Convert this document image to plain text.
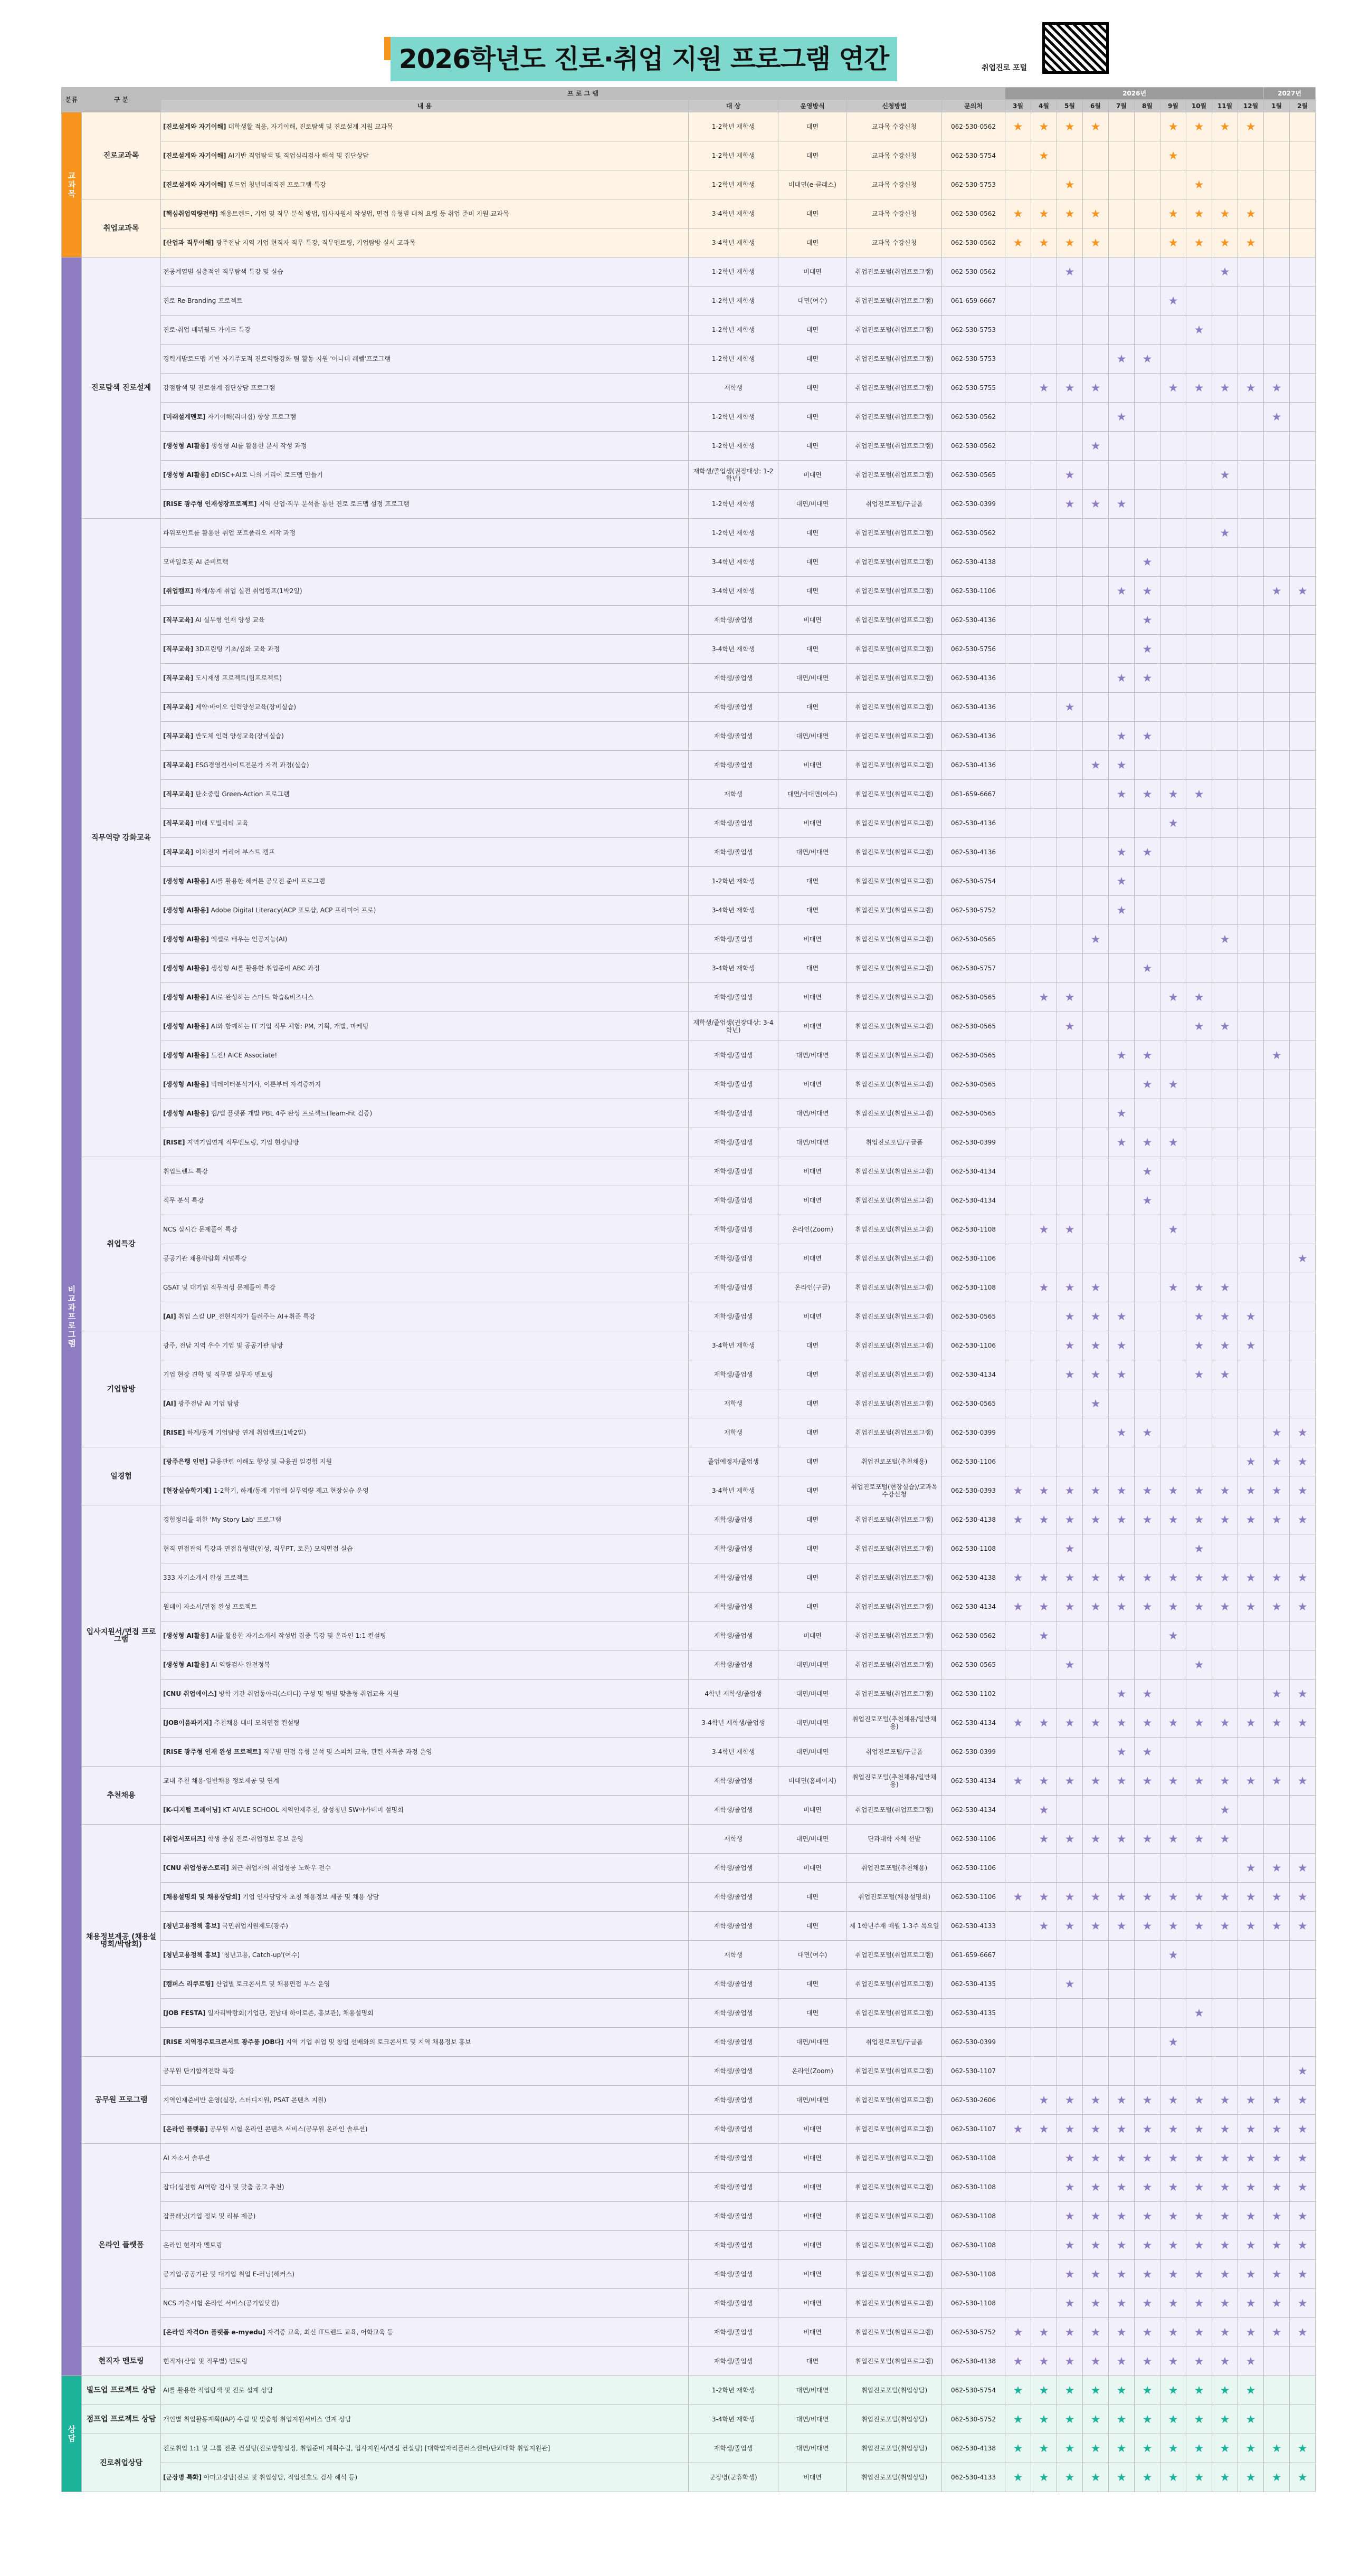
2026학년도 진로·취업 지원 프로그램 연간	취업진로 포털
분류	구 분	프 로 그 램					2026년										2027년	
		내 용	대 상	운영방식	신청방법	문의처												
							3월	4월	5월	6월	7월	8월	9월	10월	11월	12월	1월	2월
교과목	진로교과목	[진로설계와 자기이해] 대학생활 적응, 자기이해, 진로탐색 및 진로설계 지원 교과목	1-2학년 재학생	대면	교과목 수강신청	062-530-0562	★	★	★	★			★	★	★	★		
		[진로설계와 자기이해] AI기반 직업탐색 및 직업심리검사 해석 및 집단상담	1-2학년 재학생	대면	교과목 수강신청	062-530-5754		★					★					
		[진로설계와 자기이해] 빌드업 청년미래직진 프로그램 특강	1-2학년 재학생	비대면(e-클래스)	교과목 수강신청	062-530-5753			★					★				
	취업교과목	[핵심취업역량전략] 채용트렌드, 기업 및 직무 분석 방법, 입사지원서 작성법, 면접 유형별 대처 요령 등 취업 준비 지원 교과목	3-4학년 재학생	대면	교과목 수강신청	062-530-0562	★	★	★	★			★	★	★	★		
		[산업과 직무이해] 광주전남 지역 기업 현직자 직무 특강, 직무멘토링, 기업탐방 실시 교과목	3-4학년 재학생	대면	교과목 수강신청	062-530-0562	★	★	★	★			★	★	★	★		
비교과프로그램	진로탐색 진로설계	전공계열별 심층적인 직무탐색 특강 및 실습	1-2학년 재학생	비대면	취업진로포털(취업프로그램)	062-530-0562			★						★			
		진로 Re-Branding 프로젝트	1-2학년 재학생	대면(여수)	취업진로포털(취업프로그램)	061-659-6667							★					
		진로·취업 데뷔필드 가이드 특강	1-2학년 재학생	대면	취업진로포털(취업프로그램)	062-530-5753								★				
		경력개발로드맵 기반 자기주도적 진로역량강화 팀 활동 지원 '어나더 레벨'프로그램	1-2학년 재학생	대면	취업진로포털(취업프로그램)	062-530-5753					★	★						
		강점탐색 및 진로설계 집단상담 프로그램	재학생	대면	취업진로포털(취업프로그램)	062-530-5755		★	★	★			★	★	★	★	★	
		[미래설계멘토] 자기이해(리더십) 향상 프로그램	1-2학년 재학생	대면	취업진로포털(취업프로그램)	062-530-0562					★						★	
		[생성형 AI활용] 생성형 AI를 활용한 문서 작성 과정	1-2학년 재학생	대면	취업진로포털(취업프로그램)	062-530-0562				★								
		[생성형 AI활용] eDISC+AI로 나의 커리어 로드맵 만들기	재학생/졸업생(권장대상: 1-2학년)	비대면	취업진로포털(취업프로그램)	062-530-0565			★						★			
		[RISE 광주형 인재성장프로젝트] 지역 산업·직무 분석을 통한 진로 로드맵 설정 프로그램	1-2학년 재학생	대면/비대면	취업진로포털/구글폼	062-530-0399			★	★	★							
	직무역량 강화교육	파워포인트를 활용한 취업 포트폴리오 제작 과정	1-2학년 재학생	대면	취업진로포털(취업프로그램)	062-530-0562									★			
		모바일로봇 AI 준비트랙	3-4학년 재학생	대면	취업진로포털(취업프로그램)	062-530-4138						★						
		[취업캠프] 하계/동계 취업 실전 취업캠프(1박2일)	3-4학년 재학생	대면	취업진로포털(취업프로그램)	062-530-1106					★	★					★	★
		[직무교육] AI 실무형 인재 양성 교육	재학생/졸업생	비대면	취업진로포털(취업프로그램)	062-530-4136						★						
		[직무교육] 3D프린팅 기초/심화 교육 과정	3-4학년 재학생	대면	취업진로포털(취업프로그램)	062-530-5756						★						
		[직무교육] 도시재생 프로젝트(팀프로젝트)	재학생/졸업생	대면/비대면	취업진로포털(취업프로그램)	062-530-4136					★	★						
		[직무교육] 제약·바이오 인력양성교육(장비실습)	재학생/졸업생	대면	취업진로포털(취업프로그램)	062-530-4136			★									
		[직무교육] 반도체 인력 양성교육(장비실습)	재학생/졸업생	대면/비대면	취업진로포털(취업프로그램)	062-530-4136					★	★						
		[직무교육] ESG경영전사이트전문가 자격 과정(실습)	재학생/졸업생	비대면	취업진로포털(취업프로그램)	062-530-4136				★	★							
		[직무교육] 탄소중립 Green-Action 프로그램	재학생	대면/비대면(여수)	취업진로포털(취업프로그램)	061-659-6667					★	★	★	★				
		[직무교육] 미래 모빌리티 교육	재학생/졸업생	비대면	취업진로포털(취업프로그램)	062-530-4136							★					
		[직무교육] 이차전지 커리어 부스트 캠프	재학생/졸업생	대면/비대면	취업진로포털(취업프로그램)	062-530-4136					★	★						
		[생성형 AI활용] AI를 활용한 해커톤 공모전 준비 프로그램	1-2학년 재학생	대면	취업진로포털(취업프로그램)	062-530-5754					★							
		[생성형 AI활용] Adobe Digital Literacy(ACP 포토샵, ACP 프리미어 프로)	3-4학년 재학생	대면	취업진로포털(취업프로그램)	062-530-5752					★							
		[생성형 AI활용] 엑셀로 배우는 인공지능(AI)	재학생/졸업생	비대면	취업진로포털(취업프로그램)	062-530-0565				★					★			
		[생성형 AI활용] 생성형 AI를 활용한 취업준비 ABC 과정	3-4학년 재학생	대면	취업진로포털(취업프로그램)	062-530-5757						★						
		[생성형 AI활용] AI로 완성하는 스마트 학습&비즈니스	재학생/졸업생	비대면	취업진로포털(취업프로그램)	062-530-0565		★	★				★	★				
		[생성형 AI활용] AI와 함께하는 IT 기업 직무 체험: PM, 기획, 개발, 마케팅	재학생/졸업생(권장대상: 3-4학년)	비대면	취업진로포털(취업프로그램)	062-530-0565			★					★	★			
		[생성형 AI활용] 도전! AICE Associate!	재학생/졸업생	대면/비대면	취업진로포털(취업프로그램)	062-530-0565					★	★					★	
		[생성형 AI활용] 빅데이터분석기사, 이론부터 자격증까지	재학생/졸업생	비대면	취업진로포털(취업프로그램)	062-530-0565						★	★					
		[생성형 AI활용] 웹/앱 플랫폼 개발 PBL 4주 완성 프로젝트(Team-Fit 검증)	재학생/졸업생	대면/비대면	취업진로포털(취업프로그램)	062-530-0565					★							
		[RISE] 지역기업연계 직무멘토링, 기업 현장탐방	재학생/졸업생	대면/비대면	취업진로포털/구글폼	062-530-0399					★	★	★					
	취업특강	취업트렌드 특강	재학생/졸업생	비대면	취업진로포털(취업프로그램)	062-530-4134						★						
		직무 분석 특강	재학생/졸업생	비대면	취업진로포털(취업프로그램)	062-530-4134						★						
		NCS 실시간 문제풀이 특강	재학생/졸업생	온라인(Zoom)	취업진로포털(취업프로그램)	062-530-1108		★	★				★					
		공공기관 채용박람회 채널특강	재학생/졸업생	비대면	취업진로포털(취업프로그램)	062-530-1106												★
		GSAT 및 대기업 직무적성 문제풀이 특강	재학생/졸업생	온라인(구글)	취업진로포털(취업프로그램)	062-530-1108		★	★	★			★	★	★			
		[AI] 취업 스킬 UP_전현직자가 들려주는 AI+취준 특강	재학생/졸업생	비대면	취업진로포털(취업프로그램)	062-530-0565			★	★	★			★	★	★		
	기업탐방	광주, 전남 지역 우수 기업 및 공공기관 탐방	3-4학년 재학생	대면	취업진로포털(취업프로그램)	062-530-1106			★	★	★			★	★	★		
		기업 현장 견학 및 직무별 실무자 멘토링	재학생/졸업생	대면	취업진로포털(취업프로그램)	062-530-4134			★	★	★			★	★			
		[AI] 광주전남 AI 기업 탐방	재학생	대면	취업진로포털(취업프로그램)	062-530-0565				★								
		[RISE] 하계/동계 기업탐방 연계 취업캠프(1박2일)	재학생	대면	취업진로포털(취업프로그램)	062-530-0399					★	★					★	★
	일경험	[광주은행 인턴] 금융관련 이해도 향상 및 금융권 일경험 지원	졸업예정자/졸업생	대면	취업진로포털(추천채용)	062-530-1106										★	★	★
		[현장실습학기제] 1-2학기, 하계/동계 기업에 실무역량 제고 현장실습 운영	3-4학년 재학생	대면	취업진로포털(현장실습)/교과목 수강신청	062-530-0393	★	★	★	★	★	★	★	★	★	★	★	★
	입사지원서/면접 프로그램	경험정리를 위한 'My Story Lab' 프로그램	재학생/졸업생	대면	취업진로포털(취업프로그램)	062-530-4138	★	★	★	★	★	★	★	★	★	★	★	★
		현직 면접관의 특강과 면접유형별(인성, 직무PT, 토론) 모의면접 실습	재학생/졸업생	대면	취업진로포털(취업프로그램)	062-530-1108			★					★				
		333 자기소개서 완성 프로젝트	재학생/졸업생	대면	취업진로포털(취업프로그램)	062-530-4138	★	★	★	★	★	★	★	★	★	★	★	★
		원데이 자소서/면접 완성 프로젝트	재학생/졸업생	대면	취업진로포털(취업프로그램)	062-530-4134	★	★	★	★	★	★	★	★	★	★	★	★
		[생성형 AI활용] AI를 활용한 자기소개서 작성법 집중 특강 및 온라인 1:1 컨설팅	재학생/졸업생	비대면	취업진로포털(취업프로그램)	062-530-0562		★					★					
		[생성형 AI활용] AI 역량검사 완전정복	재학생/졸업생	대면/비대면	취업진로포털(취업프로그램)	062-530-0565			★					★				
		[CNU 취업에이스] 방학 기간 취업동아리(스터디) 구성 및 팀별 맞춤형 취업교육 지원	4학년 재학생/졸업생	대면/비대면	취업진로포털(취업프로그램)	062-530-1102					★	★					★	★
		[JOB이음파키지] 추천채용 대비 모의면접 컨설팅	3-4학년 재학생/졸업생	대면/비대면	취업진로포털(추천채용/일반채용)	062-530-4134	★	★	★	★	★	★	★	★	★	★	★	★
		[RISE 광주형 인재 완성 프로젝트] 직무별 면접 유형 분석 및 스피치 교육, 관련 자격증 과정 운영	3-4학년 재학생	대면/비대면	취업진로포털/구글폼	062-530-0399					★	★						
	추천채용	교내 추천 채용·일반채용 정보제공 및 연계	재학생/졸업생	비대면(홈페이지)	취업진로포털(추천채용/일반채용)	062-530-4134	★	★	★	★	★	★	★	★	★	★	★	★
		[K-디지털 트레이닝] KT AIVLE SCHOOL 지역인재추천, 삼성청년 SW아카데미 설명회	재학생/졸업생	비대면	취업진로포털(취업프로그램)	062-530-4134		★							★			
	채용정보제공 (채용설명회/박람회)	[취업서포터즈] 학생 중심 진로·취업정보 홍보 운영	재학생	대면/비대면	단과대학 자체 선발	062-530-1106		★	★	★	★	★	★	★	★			
		[CNU 취업성공스토리] 최근 취업자의 취업성공 노하우 전수	재학생/졸업생	비대면	취업진로포털(추천채용)	062-530-1106										★	★	★
		[채용설명회 및 채용상담회] 기업 인사담당자 초청 채용정보 제공 및 채용 상담	재학생/졸업생	대면	취업진로포털(채용설명회)	062-530-1106	★	★	★	★	★	★	★	★	★	★	★	★
		[청년고용정책 홍보] 국민취업지원제도(광주)	재학생/졸업생	대면	제 1학년주재 매월 1-3주 목요일	062-530-4133		★	★	★	★	★	★	★	★	★	★	★
		[청년고용정책 홍보] '청년고용, Catch-up'(여수)	재학생	대면(여수)	취업진로포털(취업프로그램)	061-659-6667							★					
		[캠퍼스 리쿠르팅] 산업별 토크콘서트 및 채용면접 부스 운영	재학생/졸업생	대면	취업진로포털(취업프로그램)	062-530-4135			★									
		[JOB FESTA] 일자리박람회(기업관, 전남대 하이로존, 홍보관), 채용설명회	재학생/졸업생	대면	취업진로포털(취업프로그램)	062-530-4135								★				
		[RISE 지역정주토크콘서트 광주풍 JOB다] 지역 기업 취업 및 창업 선배와의 토크콘서트 및 지역 채용정보 홍보	재학생/졸업생	대면/비대면	취업진로포털/구글폼	062-530-0399							★					
	공무원 프로그램	공무원 단기합격전략 특강	재학생/졸업생	온라인(Zoom)	취업진로포털(취업프로그램)	062-530-1107												★
		지역인재준비반 운영(실강, 스터디지원, PSAT 콘텐츠 지원)	재학생/졸업생	대면/비대면	취업진로포털(취업프로그램)	062-530-2606		★	★	★	★	★	★	★	★	★	★	★
		[온라인 플랫폼] 공무원 시험 온라인 콘텐츠 서비스(공무원 온라인 솔루션)	재학생/졸업생	비대면	취업진로포털(취업프로그램)	062-530-1107	★	★	★	★	★	★	★	★	★	★	★	★
	온라인 플랫폼	AI 자소서 솔루션	재학생/졸업생	비대면	취업진로포털(취업프로그램)	062-530-1108			★	★	★	★	★	★	★	★	★	★
		잡다(실전형 AI역량 검사 및 맞춤 공고 추천)	재학생/졸업생	비대면	취업진로포털(취업프로그램)	062-530-1108			★	★	★	★	★	★	★	★	★	★
		잡플래닛(기업 정보 및 리뷰 제공)	재학생/졸업생	비대면	취업진로포털(취업프로그램)	062-530-1108			★	★	★	★	★	★	★	★	★	★
		온라인 현직자 멘토링	재학생/졸업생	비대면	취업진로포털(취업프로그램)	062-530-1108			★	★	★	★	★	★	★	★	★	★
		공기업·공공기관 및 대기업 취업 E-러닝(해커스)	재학생/졸업생	비대면	취업진로포털(취업프로그램)	062-530-1108			★	★	★	★	★	★	★	★	★	★
		NCS 기출시험 온라인 서비스(공기업닷컴)	재학생/졸업생	비대면	취업진로포털(취업프로그램)	062-530-1108			★	★	★	★	★	★	★	★	★	★
		[온라인 자격On 플랫폼 e-myedu] 자격증 교육, 최신 IT트렌드 교육, 어학교육 등	재학생/졸업생	비대면	취업진로포털(취업프로그램)	062-530-5752	★	★	★	★	★	★	★	★	★	★	★	★
	현직자 멘토링	현직자(산업 및 직무별) 멘토링	재학생/졸업생	대면	취업진로포털(취업프로그램)	062-530-4138	★	★	★	★	★	★	★	★	★	★		
상담	빌드업 프로젝트 상담	AI를 활용한 직업탐색 및 진로 설계 상담	1-2학년 재학생	대면/비대면	취업진로포털(취업상담)	062-530-5754	★	★	★	★	★	★	★	★	★	★		
	점프업 프로젝트 상담	개인별 취업활동계획(IAP) 수립 및 맞춤형 취업지원서비스 연계 상담	3-4학년 재학생	대면/비대면	취업진로포털(취업상담)	062-530-5752	★	★	★	★	★	★	★	★	★	★		
	진로취업상담	진로취업 1:1 및 그룹 전문 컨설팅(진로방향설정, 취업준비 계획수립, 입사지원서/면접 컨설팅) [대학일자리플러스센터/단과대학 취업지원관]	재학생/졸업생	대면/비대면	취업진로포털(취업상담)	062-530-4138	★	★	★	★	★	★	★	★	★	★	★	★
		[군장병 특화] 아미고잡담(진로 및 취업상담, 직업선호도 검사 해석 등)	군장병(군휴학생)	비대면	취업진로포털(취업상담)	062-530-4133	★	★	★	★	★	★	★	★	★	★	★	★
